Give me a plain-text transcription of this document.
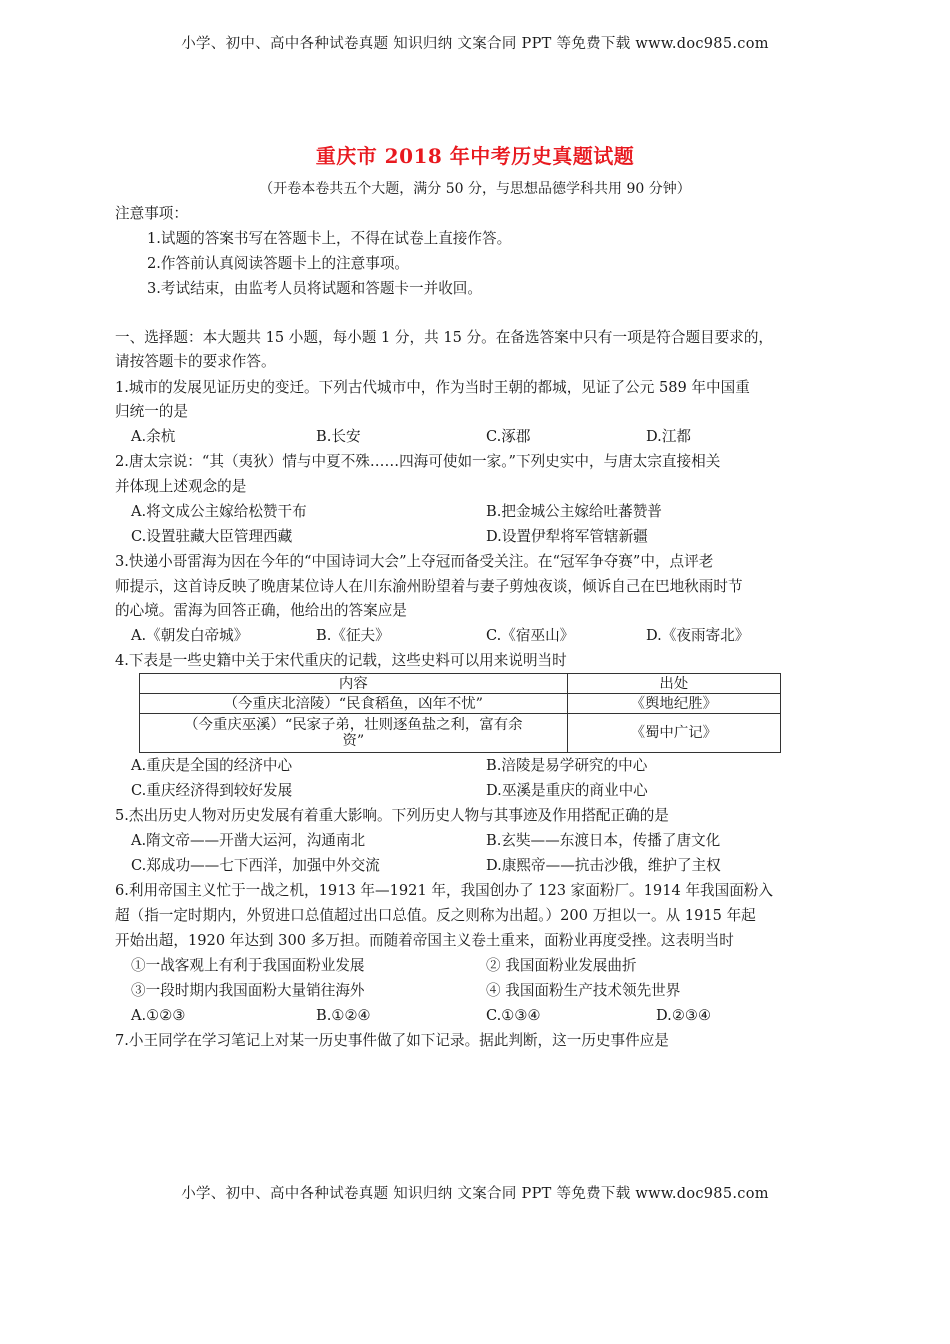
小学、初中、高中各种试卷真题 知识归纳 文案合同 PPT 等免费下载 www.doc985.com
重庆市 2018 年中考历史真题试题
（开卷本卷共五个大题，满分 50 分，与思想品德学科共用 90 分钟）
注意事项：
1.试题的答案书写在答题卡上，不得在试卷上直接作答。
2.作答前认真阅读答题卡上的注意事项。
3.考试结束，由监考人员将试题和答题卡一并收回。
一、选择题：本大题共 15 小题，每小题 1 分，共 15 分。在备选答案中只有一项是符合题目要求的，
请按答题卡的要求作答。
1.城市的发展见证历史的变迁。下列古代城市中，作为当时王朝的都城，见证了公元 589 年中国重
归统一的是
A.余杭	B.长安	C.涿郡	D.江都
2.唐太宗说：“其（夷狄）情与中夏不殊……四海可使如一家。”下列史实中，与唐太宗直接相关
并体现上述观念的是
A.将文成公主嫁给松赞干布	B.把金城公主嫁给吐蕃赞普
C.设置驻藏大臣管理西藏	D.设置伊犁将军管辖新疆
3.快递小哥雷海为因在今年的“中国诗词大会”上夺冠而备受关注。在“冠军争夺赛”中，点评老
师提示，这首诗反映了晚唐某位诗人在川东渝州盼望着与妻子剪烛夜谈，倾诉自己在巴地秋雨时节
的心境。雷海为回答正确，他给出的答案应是
A.《朝发白帝城》	B.《征夫》	C.《宿巫山》	D.《夜雨寄北》
4.下表是一些史籍中关于宋代重庆的记载，这些史料可以用来说明当时
内容	出处
（今重庆北涪陵）“民食稻鱼，凶年不忧”	《舆地纪胜》

（今重庆巫溪）“民家子弟，壮则逐鱼盐之利，富有余
资”	《蜀中广记》
A.重庆是全国的经济中心	B.涪陵是易学研究的中心
C.重庆经济得到较好发展	D.巫溪是重庆的商业中心
5.杰出历史人物对历史发展有着重大影响。下列历史人物与其事迹及作用搭配正确的是
A.隋文帝——开凿大运河，沟通南北	B.玄奘——东渡日本，传播了唐文化
C.郑成功——七下西洋，加强中外交流	D.康熙帝——抗击沙俄，维护了主权
6.利用帝国主义忙于一战之机，1913 年—1921 年，我国创办了 123 家面粉厂。1914 年我国面粉入
超（指一定时期内，外贸进口总值超过出口总值。反之则称为出超。）200 万担以一。从 1915 年起
开始出超，1920 年达到 300 多万担。而随着帝国主义卷土重来，面粉业再度受挫。这表明当时
①一战客观上有利于我国面粉业发展	② 我国面粉业发展曲折
③一段时期内我国面粉大量销往海外	④ 我国面粉生产技术领先世界
A.①②③	B.①②④	C.①③④	D.②③④
7.小王同学在学习笔记上对某一历史事件做了如下记录。据此判断，这一历史事件应是
小学、初中、高中各种试卷真题 知识归纳 文案合同 PPT 等免费下载 www.doc985.com
